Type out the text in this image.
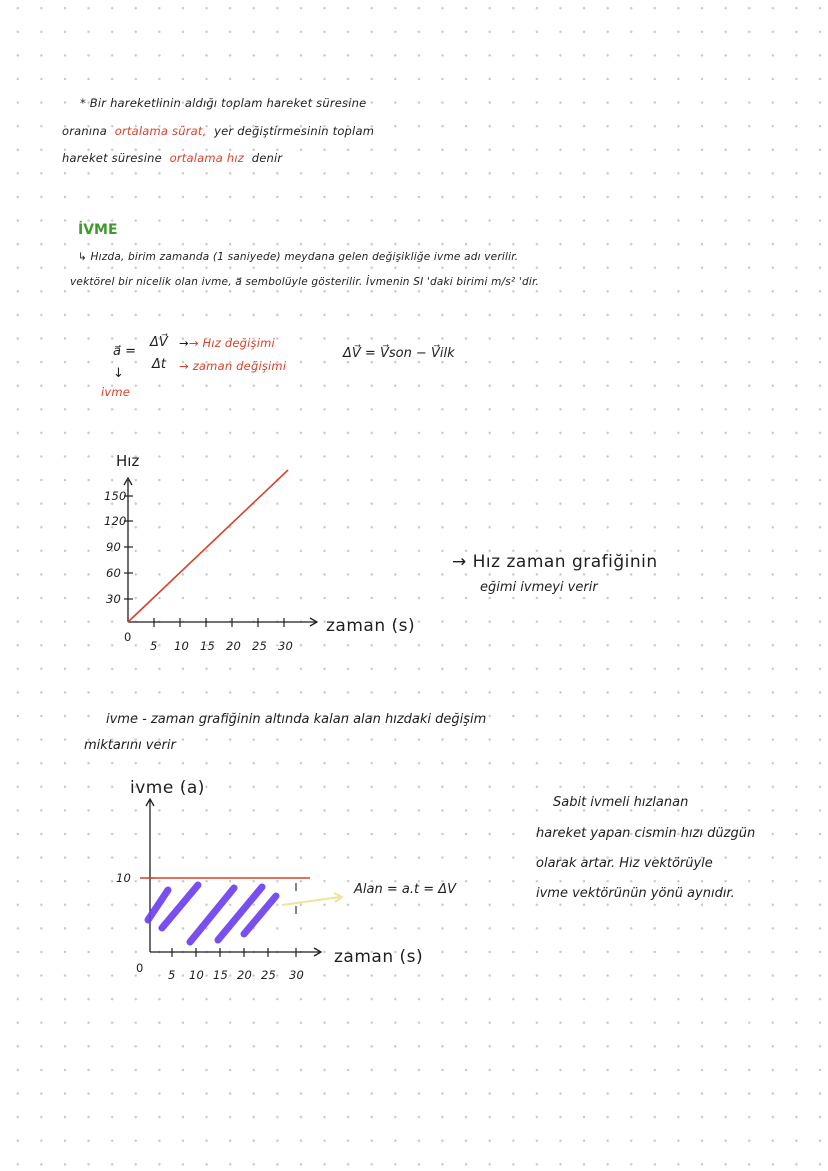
* Bir hareketlinin aldığı toplam hareket süresine
oranına ortalama sürat, yer değiştirmesinin toplam
hareket süresine ortalama hız denir
İVME
↳ Hızda, birim zamanda (1 saniyede) meydana gelen değişikliğe ivme adı verilir.
vektörel bir nicelik olan ivme, a⃗ sembolüyle gösterilir. İvmenin SI 'daki birimi m/s² 'dir.
a⃗ =
ΔV⃗
Δt
→→ Hız değişimi
→ zaman değişimi
↓
ivme
ΔV⃗ = V⃗son − V⃗ilk
Hız
150
120
90
60
30
0
5 10 15 20 25 30
zaman (s)
→ Hız zaman grafiğinin
eğimi ivmeyi verir
ivme - zaman grafiğinin altında kalan alan hızdaki değişim
miktarını verir
ivme (a)
10
0 5 10 15 20 25 30
zaman (s)
Alan = a.t = ΔV
Sabit ivmeli hızlanan
hareket yapan cismin hızı düzgün
olarak artar. Hız vektörüyle
ivme vektörünün yönü aynıdır.
